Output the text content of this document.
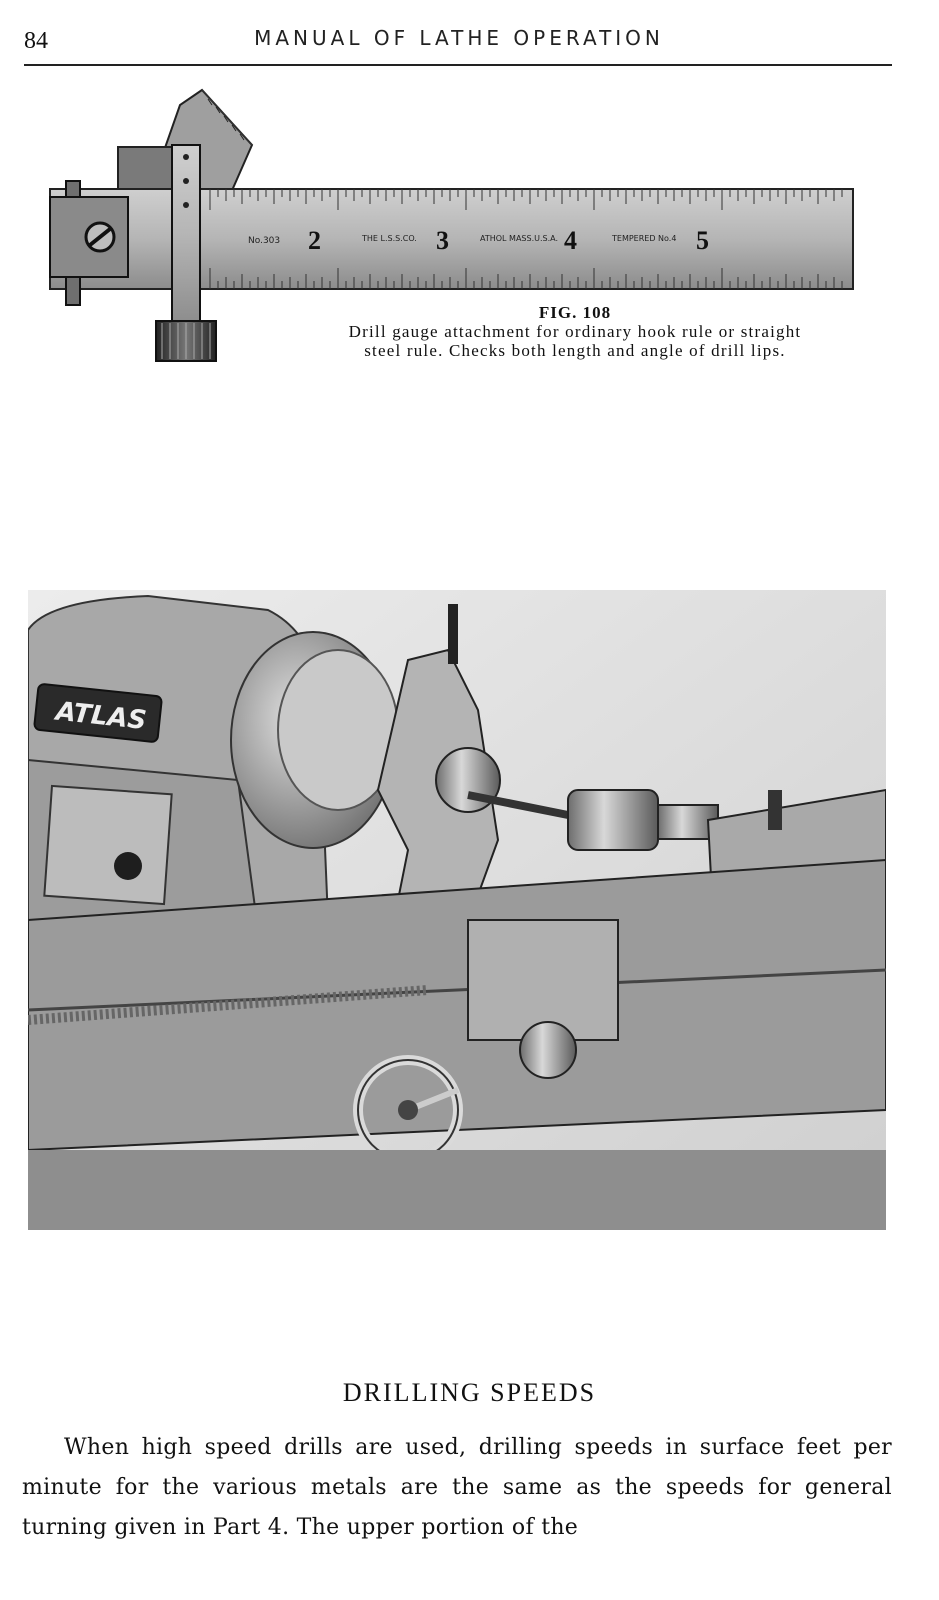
84	MANUAL OF LATHE OPERATION
2	3	4	5
No.303	THE L.S.S.CO.	ATHOL MASS.U.S.A.	TEMPERED No.4
FIG. 108
Drill gauge attachment for ordinary hook rule or straight
steel rule. Checks both length and angle of drill lips.
ATLAS
DRILLING SPEEDS
When high speed drills are used, drilling speeds in surface feet per minute for the various metals are the same as the speeds for general turning given in Part 4. The upper portion of the
